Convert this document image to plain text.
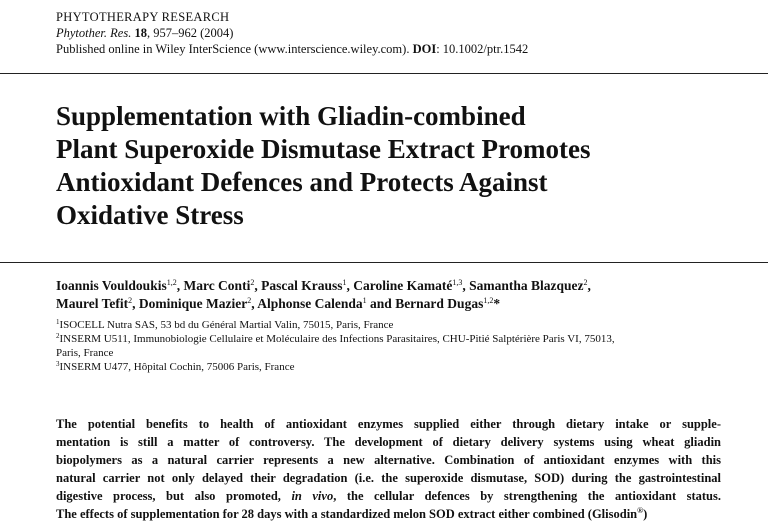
PHYTOTHERAPY RESEARCH
Phytother. Res. 18, 957–962 (2004)
Published online in Wiley InterScience (www.interscience.wiley.com). DOI: 10.1002/ptr.1542
Supplementation with Gliadin-combined
Plant Superoxide Dismutase Extract Promotes
Antioxidant Defences and Protects Against
Oxidative Stress
Ioannis Vouldoukis$^{1,2}$, Marc Conti$^2$, Pascal Krauss$^1$, Caroline Kamaté$^{1,3}$, Samantha Blazquez$^2$,
Maurel Tefit$^2$, Dominique Mazier$^2$, Alphonse Calenda$^1$ and Bernard Dugas$^{1,2}$*
$^1$ISOCELL Nutra SAS, 53 bd du Général Martial Valin, 75015, Paris, France
$^2$INSERM U511, Immunobiologie Cellulaire et Moléculaire des Infections Parasitaires, CHU-Pitié Salptérière Paris VI, 75013,
Paris, France
$^3$INSERM U477, Hôpital Cochin, 75006 Paris, France
The potential benefits to health of antioxidant enzymes supplied either through dietary intake or supple-
mentation is still a matter of controversy. The development of dietary delivery systems using wheat gliadin
biopolymers as a natural carrier represents a new alternative. Combination of antioxidant enzymes with this
natural carrier not only delayed their degradation (i.e. the superoxide dismutase, SOD) during the gastrointestinal
digestive process, but also promoted, in vivo, the cellular defences by strengthening the antioxidant status.
The effects of supplementation for 28 days with a standardized melon SOD extract either combined (Glisodin®)
